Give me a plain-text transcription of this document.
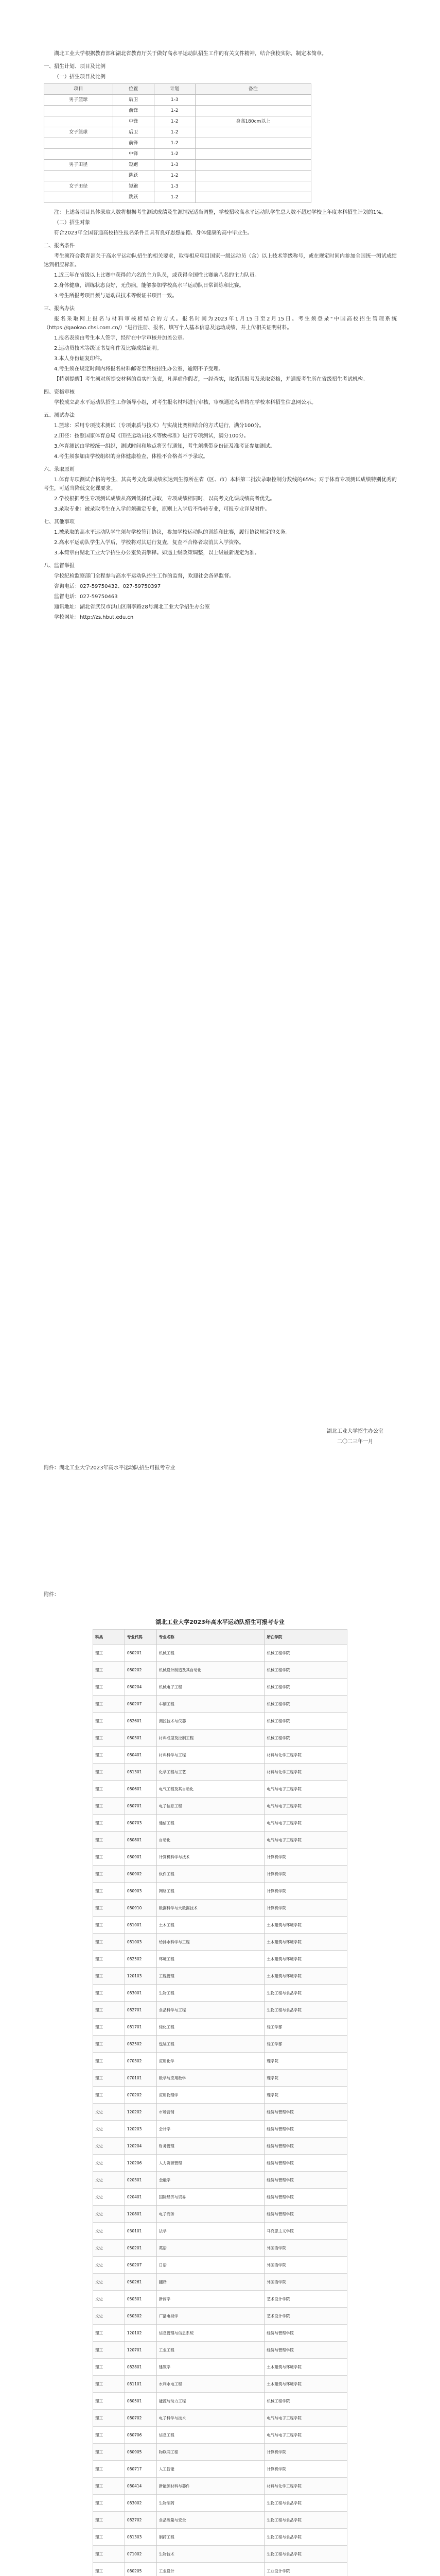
湖北工业大学根据教育部和湖北省教育厅关于做好高水平运动队招生工作的有关文件精神，结合我校实际，制定本简章。

一、招生计划、项目及比例

（一）招生项目及比例

项目	位置	计划	备注
男子篮球	后卫	1-3	
	前锋	1-2	
	中锋	1-2	身高180cm以上
女子篮球	后卫	1-2	
	前锋	1-2	
	中锋	1-2	
男子田径	短跑	1-3	
	跳跃	1-2	
女子田径	短跑	1-3	
	跳跃	1-2	

注：上述各项目具体录取人数将根据考生测试成绩及生源情况适当调整，学校招收高水平运动队学生总人数不超过学校上年度本科招生计划的1%。

（二）招生对象

符合2023年全国普通高校招生报名条件且具有良好思想品德、身体健康的高中毕业生。

二、报名条件

考生须符合教育部关于高水平运动队招生的相关要求，取得相应项目国家一级运动员（含）以上技术等级称号，或在规定时间内参加全国统一测试成绩达到相应标准。

1.近三年在省级以上比赛中获得前六名的主力队员，或获得全国性比赛前八名的主力队员。

2.身体健康，训练状态良好，无伤病，能够参加学校高水平运动队日常训练和比赛。

3.考生所报考项目须与运动员技术等级证书项目一致。

三、报名办法

报名采取网上报名与材料审核相结合的方式。报名时间为2023年1月15日至2月15日。考生须登录"中国高校招生管理系统（https://gaokao.chsi.com.cn/）"进行注册、报名，填写个人基本信息及运动成绩，并上传相关证明材料。

1.报名表须由考生本人签字，经所在中学审核并加盖公章。

2.运动员技术等级证书复印件及比赛成绩证明。

3.本人身份证复印件。

4.考生须在规定时间内将报名材料邮寄至我校招生办公室，逾期不予受理。

【特别提醒】考生须对所提交材料的真实性负责，凡弄虚作假者，一经查实，取消其报考及录取资格，并通报考生所在省级招生考试机构。

四、资格审核

学校成立高水平运动队招生工作领导小组，对考生报名材料进行审核，审核通过名单将在学校本科招生信息网公示。

五、测试办法

1.篮球：采用专项技术测试（专项素质与技术）与实战比赛相结合的方式进行，满分100分。

2.田径：按照国家体育总局《田径运动员技术等级标准》进行专项测试，满分100分。

3.体育测试由学校统一组织，测试时间和地点将另行通知，考生须携带身份证及准考证参加测试。

4.考生须参加由学校组织的身体健康检查，体检不合格者不予录取。

六、录取原则

1.体育专项测试合格的考生，其高考文化课成绩须达到生源所在省（区、市）本科第二批次录取控制分数线的65%；对于体育专项测试成绩特别优秀的考生，可适当降低文化课要求。

2.学校根据考生专项测试成绩从高到低择优录取，专项成绩相同时，以高考文化课成绩高者优先。

3.录取专业：被录取考生在入学前须确定专业，原则上入学后不得转专业，可报专业详见附件。

七、其他事项

1.被录取的高水平运动队学生须与学校签订协议，参加学校运动队的训练和比赛，履行协议规定的义务。

2.高水平运动队学生入学后，学校将对其进行复查，复查不合格者取消其入学资格。

3.本简章由湖北工业大学招生办公室负责解释。如遇上级政策调整，以上级最新规定为准。

八、监督举报

学校纪检监察部门全程参与高水平运动队招生工作的监督，欢迎社会各界监督。

咨询电话：027-59750432、027-59750397

监督电话：027-59750463

通讯地址：湖北省武汉市洪山区南李路28号湖北工业大学招生办公室

学校网址：http://zs.hbut.edu.cn

湖北工业大学招生办公室
二〇二三年一月
附件：湖北工业大学2023年高水平运动队招生可报考专业
附件：
湖北工业大学2023年高水平运动队招生可报考专业
科类	专业代码	专业名称	所在学院
理工	080201	机械工程	机械工程学院
理工	080202	机械设计制造及其自动化	机械工程学院
理工	080204	机械电子工程	机械工程学院
理工	080207	车辆工程	机械工程学院
理工	082601	测控技术与仪器	机械工程学院
理工	080301	材料成型及控制工程	机械工程学院
理工	080401	材料科学与工程	材料与化学工程学院
理工	081301	化学工程与工艺	材料与化学工程学院
理工	080601	电气工程及其自动化	电气与电子工程学院
理工	080701	电子信息工程	电气与电子工程学院
理工	080703	通信工程	电气与电子工程学院
理工	080801	自动化	电气与电子工程学院
理工	080901	计算机科学与技术	计算机学院
理工	080902	软件工程	计算机学院
理工	080903	网络工程	计算机学院
理工	080910	数据科学与大数据技术	计算机学院
理工	081001	土木工程	土木建筑与环境学院
理工	081003	给排水科学与工程	土木建筑与环境学院
理工	082502	环境工程	土木建筑与环境学院
理工	120103	工程管理	土木建筑与环境学院
理工	083001	生物工程	生物工程与食品学院
理工	082701	食品科学与工程	生物工程与食品学院
理工	081701	轻化工程	轻工学部
理工	082502	包装工程	轻工学部
理工	070302	应用化学	理学院
理工	070101	数学与应用数学	理学院
理工	070202	应用物理学	理学院
文史	120202	市场营销	经济与管理学院
文史	120203	会计学	经济与管理学院
文史	120204	财务管理	经济与管理学院
文史	120206	人力资源管理	经济与管理学院
文史	020301	金融学	经济与管理学院
文史	020401	国际经济与贸易	经济与管理学院
文史	120801	电子商务	经济与管理学院
文史	030101	法学	马克思主义学院
文史	050201	英语	外国语学院
文史	050207	日语	外国语学院
文史	050261	翻译	外国语学院
文史	050301	新闻学	艺术设计学院
文史	050302	广播电视学	艺术设计学院
理工	120102	信息管理与信息系统	经济与管理学院
理工	120701	工业工程	经济与管理学院
理工	082801	建筑学	土木建筑与环境学院
理工	081101	水利水电工程	土木建筑与环境学院
理工	080501	能源与动力工程	机械工程学院
理工	080702	电子科学与技术	电气与电子工程学院
理工	080706	信息工程	电气与电子工程学院
理工	080905	物联网工程	计算机学院
理工	080717	人工智能	计算机学院
理工	080414	新能源材料与器件	材料与化学工程学院
理工	083002	生物制药	生物工程与食品学院
理工	082702	食品质量与安全	生物工程与食品学院
理工	081303	制药工程	生物工程与食品学院
理工	071002	生物技术	生物工程与食品学院
理工	080205	工业设计	工业设计学院
